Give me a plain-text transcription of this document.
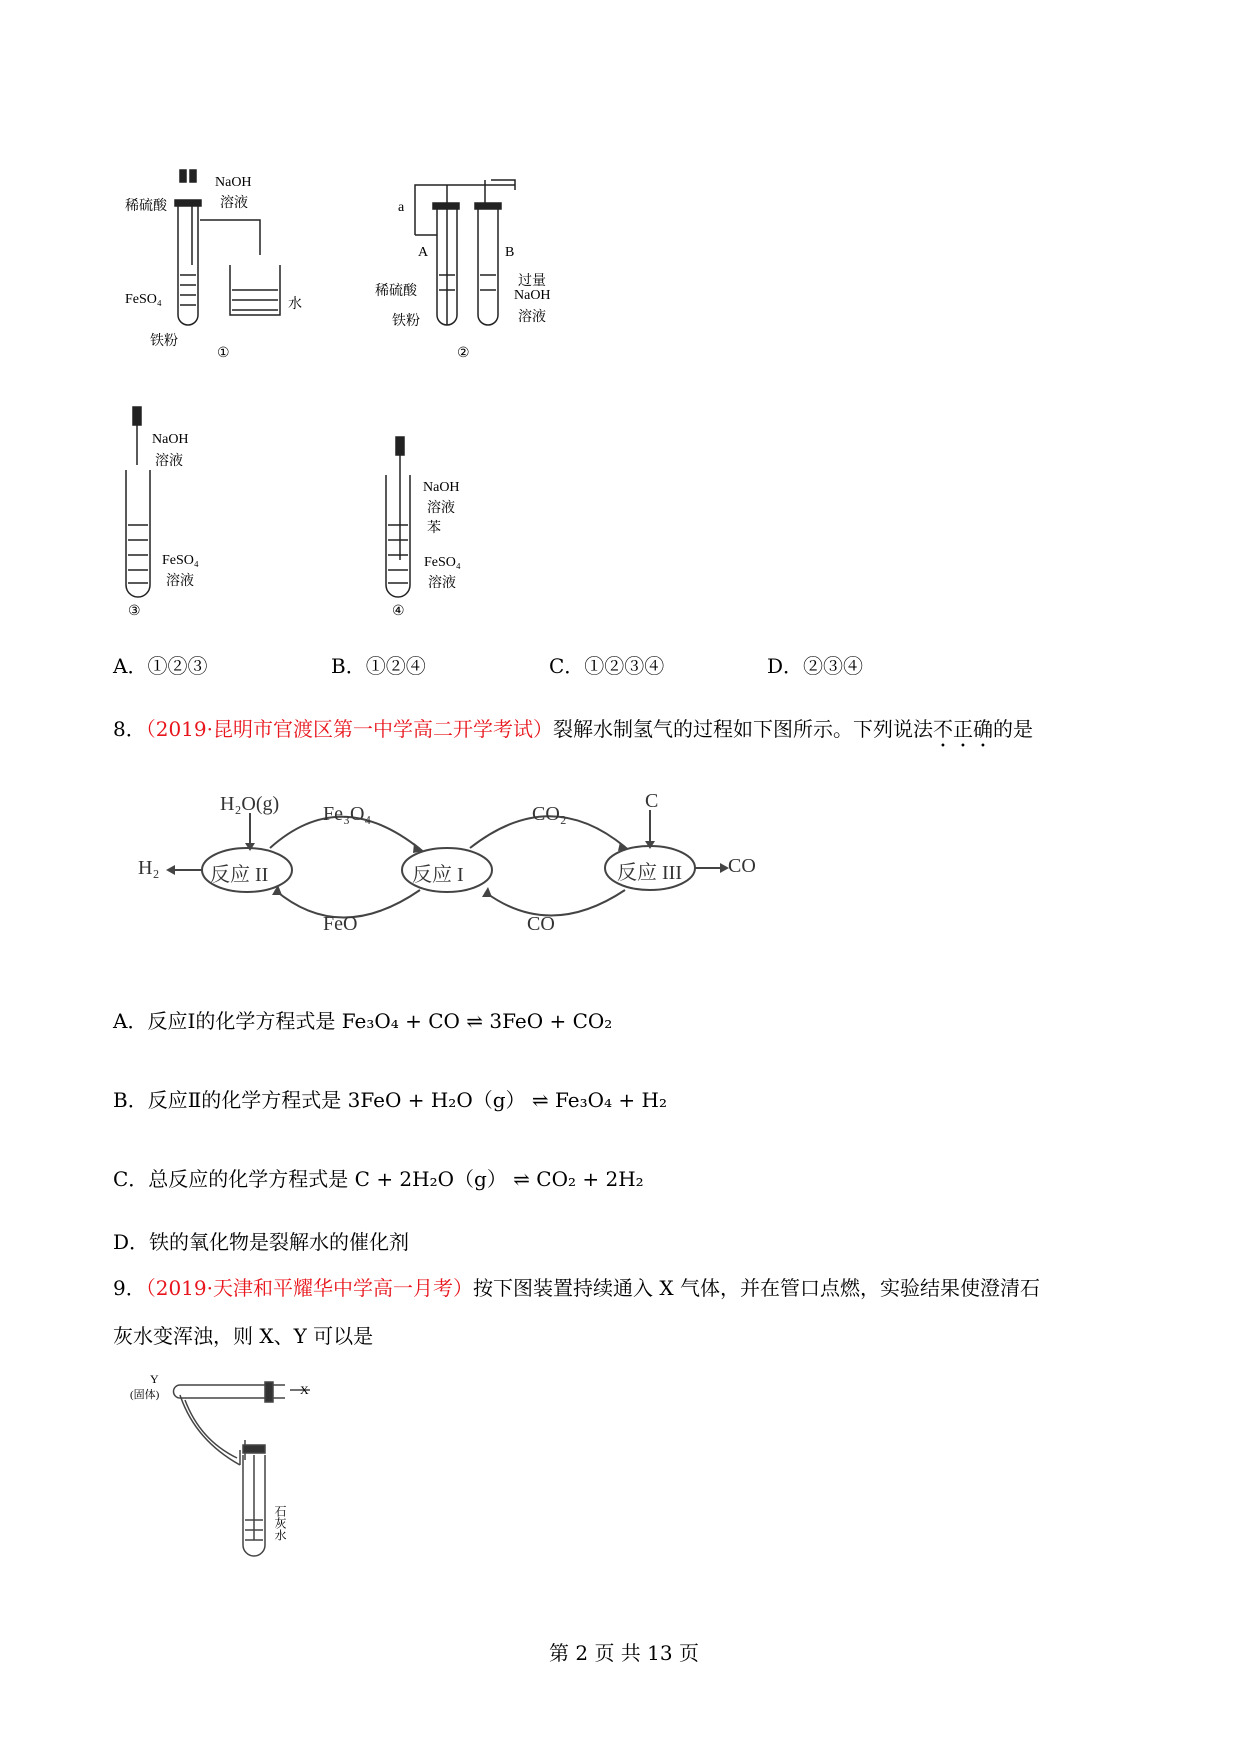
稀硫酸
NaOH
溶液
FeSO₄
铁粉
水
①
a
A	B
稀硫酸
铁粉
过量
NaOH
溶液
②
NaOH
溶液
FeSO₄
溶液
③
NaOH
溶液
苯
FeSO₄
溶液
④
A．①②③	B．①②④	C．①②③④	D．②③④
8．（2019·昆明市官渡区第一中学高二开学考试）裂解水制氢气的过程如下图所示。下列说法不正确的是
H₂O(g) Fe₃O₄	CO₂
C
H₂	CO
FeO	CO
反应 II	反应 I	反应 III
A．反应Ⅰ的化学方程式是 Fe₃O₄ + CO ⇌ 3FeO + CO₂
B．反应Ⅱ的化学方程式是 3FeO + H₂O（g） ⇌ Fe₃O₄ + H₂
C．总反应的化学方程式是 C + 2H₂O（g） ⇌ CO₂ + 2H₂
D．铁的氧化物是裂解水的催化剂
9．（2019·天津和平耀华中学高一月考）按下图装置持续通入 X 气体，并在管口点燃，实验结果使澄清石
灰水变浑浊，则 X、Y 可以是
Y
(固体)	X
石灰水
第 2 页 共 13 页
